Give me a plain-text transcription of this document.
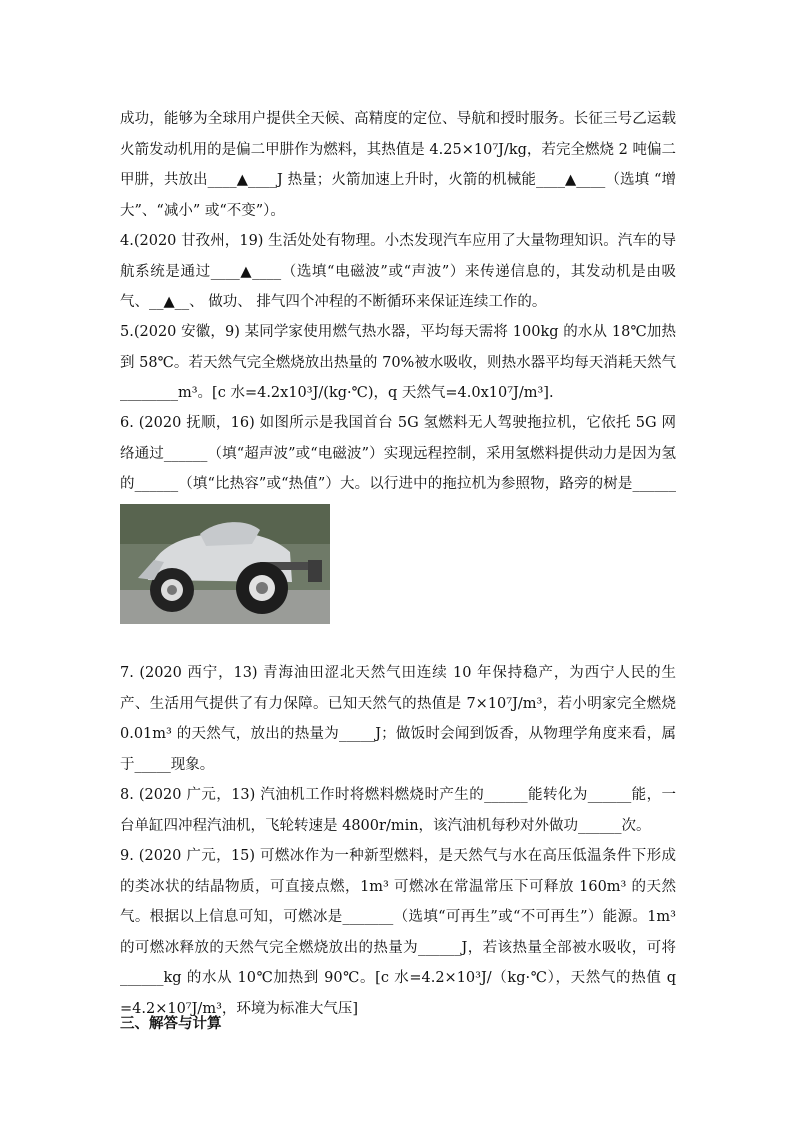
成功，能够为全球用户提供全天候、高精度的定位、导航和授时服务。长征三号乙运载火箭发动机用的是偏二甲肼作为燃料，其热值是 4.25×10⁷J/kg，若完全燃烧 2 吨偏二甲肼，共放出____▲____J 热量；火箭加速上升时，火箭的机械能____▲____（选填 “增大”、“减小” 或“不变”）。

4.(2020 甘孜州，19) 生活处处有物理。小杰发现汽车应用了大量物理知识。汽车的导航系统是通过____▲____（选填“电磁波”或“声波”）来传递信息的，其发动机是由吸气、__▲__、 做功、 排气四个冲程的不断循环来保证连续工作的。

5.(2020 安徽，9) 某同学家使用燃气热水器，平均每天需将 100kg 的水从 18℃加热到 58℃。若天然气完全燃烧放出热量的 70%被水吸收，则热水器平均每天消耗天然气________m³。[c 水=4.2x10³J/(kg·℃)，q 天然气=4.0x10⁷J/m³].

6. (2020 抚顺，16) 如图所示是我国首台 5G 氢燃料无人驾驶拖拉机，它依托 5G 网络通过______（填“超声波”或“电磁波”）实现远程控制，采用氢燃料提供动力是因为氢的______（填“比热容”或“热值”）大。以行进中的拖拉机为参照物，路旁的树是______

7. (2020 西宁，13) 青海油田涩北天然气田连续 10 年保持稳产，为西宁人民的生产、生活用气提供了有力保障。已知天然气的热值是 7×10⁷J/m³，若小明家完全燃烧 0.01m³ 的天然气，放出的热量为_____J；做饭时会闻到饭香，从物理学角度来看，属于_____现象。

8. (2020 广元，13) 汽油机工作时将燃料燃烧时产生的______能转化为______能，一台单缸四冲程汽油机，飞轮转速是 4800r/min，该汽油机每秒对外做功______次。

9. (2020 广元，15) 可燃冰作为一种新型燃料，是天然气与水在高压低温条件下形成的类冰状的结晶物质，可直接点燃，1m³ 可燃冰在常温常压下可释放 160m³ 的天然气。根据以上信息可知，可燃冰是_______（选填“可再生”或“不可再生”）能源。1m³ 的可燃冰释放的天然气完全燃烧放出的热量为______J，若该热量全部被水吸收，可将______kg 的水从 10℃加热到 90℃。[c 水=4.2×10³J/（kg·℃），天然气的热值 q =4.2×10⁷J/m³，环境为标准大气压]

三、解答与计算
